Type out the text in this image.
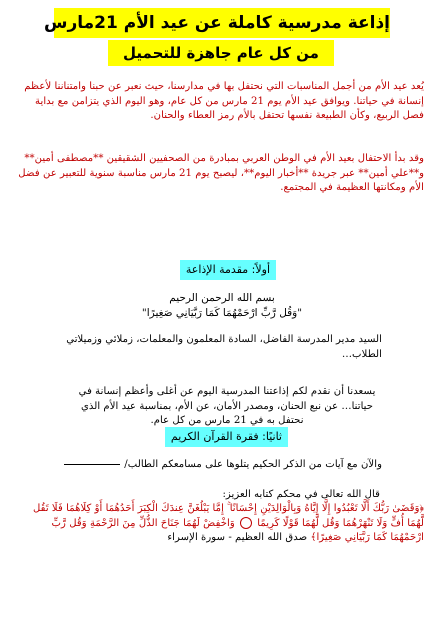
إذاعة مدرسية كاملة عن عيد الأم 21مارس
من كل عام جاهزة للتحميل
يُعد عيد الأم من أجمل المناسبات التي نحتفل بها في مدارسنا، حيث نعبر عن حبنا وامتناننا لأعظم إنسانة في حياتنا. ويوافق عيد الأم يوم 21 مارس من كل عام، وهو اليوم الذي يتزامن مع بداية فصل الربيع، وكأن الطبيعة نفسها تحتفل بالأم رمز العطاء والحنان.
وقد بدأ الاحتفال بعيد الأم في الوطن العربي بمبادرة من الصحفيين الشقيقين **مصطفى أمين** و**علي أمين** عبر جريدة **أخبار اليوم**، ليصبح يوم 21 مارس مناسبة سنوية للتعبير عن فضل الأم ومكانتها العظيمة في المجتمع.
أولاً: مقدمة الإذاعة
بسم الله الرحمن الرحيم
"وَقُل رَّبِّ ارْحَمْهُمَا كَمَا رَبَّيَانِي صَغِيرًا"
السيد مدير المدرسة الفاضل، السادة المعلمون والمعلمات، زملائي وزميلاتي الطلاب…
يسعدنا أن نقدم لكم إذاعتنا المدرسية اليوم عن أغلى وأعظم إنسانة في حياتنا… عن نبع الحنان، ومصدر الأمان، عن الأم، بمناسبة عيد الأم الذي نحتفل به في 21 مارس من كل عام.
ثانيًا: فقرة القرآن الكريم
والآن مع آيات من الذكر الحكيم يتلوها على مسامعكم الطالب/
قال الله تعالى في محكم كتابه العزيز:
﴿وَقَضَىٰ رَبُّكَ أَلَّا تَعْبُدُوا إِلَّا إِيَّاهُ وَبِالْوَالِدَيْنِ إِحْسَانًا ۚ إِمَّا يَبْلُغَنَّ عِندَكَ الْكِبَرَ أَحَدُهُمَا أَوْ كِلَاهُمَا فَلَا تَقُل لَّهُمَا أُفٍّ وَلَا تَنْهَرْهُمَا وَقُل لَّهُمَا قَوْلًا كَرِيمًا  وَاخْفِضْ لَهُمَا جَنَاحَ الذُّلِّ مِنَ الرَّحْمَةِ وَقُل رَّبِّ ارْحَمْهُمَا كَمَا رَبَّيَانِي صَغِيرًا﴾ صدق الله العظيم - سورة الإسراء
